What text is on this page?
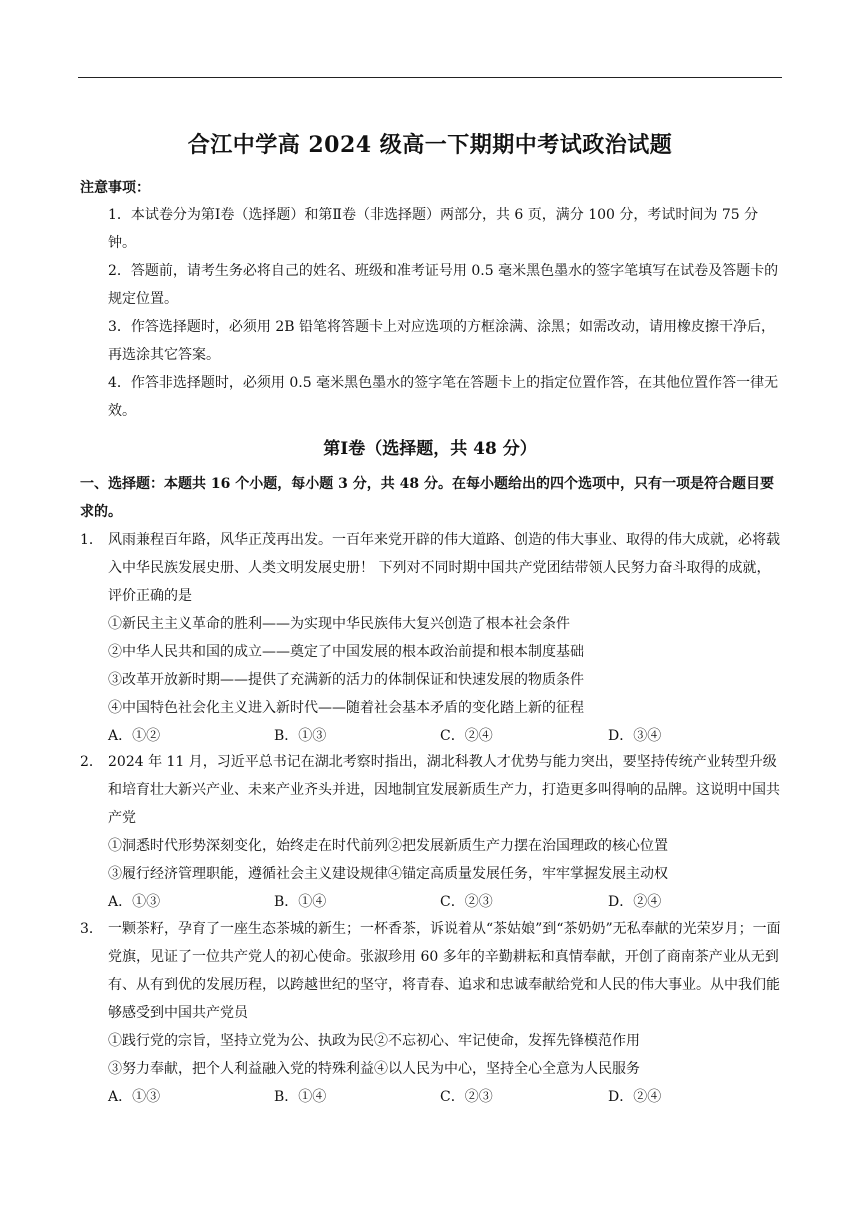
合江中学高 2024 级高一下期期中考试政治试题
注意事项：
1．本试卷分为第Ⅰ卷（选择题）和第Ⅱ卷（非选择题）两部分，共 6 页，满分 100 分，考试时间为 75 分钟。
2．答题前，请考生务必将自己的姓名、班级和准考证号用 0.5 毫米黑色墨水的签字笔填写在试卷及答题卡的规定位置。
3．作答选择题时，必须用 2B 铅笔将答题卡上对应选项的方框涂满、涂黑；如需改动，请用橡皮擦干净后，再选涂其它答案。
4．作答非选择题时，必须用 0.5 毫米黑色墨水的签字笔在答题卡上的指定位置作答，在其他位置作答一律无效。
第Ⅰ卷（选择题，共 48 分）
一、选择题：本题共 16 个小题，每小题 3 分，共 48 分。在每小题给出的四个选项中，只有一项是符合题目要求的。
1． 风雨兼程百年路，风华正茂再出发。一百年来党开辟的伟大道路、创造的伟大事业、取得的伟大成就，必将载入中华民族发展史册、人类文明发展史册！ 下列对不同时期中国共产党团结带领人民努力奋斗取得的成就，评价正确的是
①新民主主义革命的胜利——为实现中华民族伟大复兴创造了根本社会条件
②中华人民共和国的成立——奠定了中国发展的根本政治前提和根本制度基础
③改革开放新时期——提供了充满新的活力的体制保证和快速发展的物质条件
④中国特色社会化主义进入新时代——随着社会基本矛盾的变化踏上新的征程
A．①②	B．①③	C．②④	D．③④
2． 2024 年 11 月，习近平总书记在湖北考察时指出，湖北科教人才优势与能力突出，要坚持传统产业转型升级和培育壮大新兴产业、未来产业齐头并进，因地制宜发展新质生产力，打造更多叫得响的品牌。这说明中国共产党
①洞悉时代形势深刻变化，始终走在时代前列②把发展新质生产力摆在治国理政的核心位置
③履行经济管理职能，遵循社会主义建设规律④锚定高质量发展任务，牢牢掌握发展主动权
A．①③	B．①④	C．②③	D．②④
3． 一颗茶籽，孕育了一座生态茶城的新生；一杯香茶，诉说着从“茶姑娘”到“茶奶奶”无私奉献的光荣岁月；一面党旗，见证了一位共产党人的初心使命。张淑珍用 60 多年的辛勤耕耘和真情奉献，开创了商南茶产业从无到有、从有到优的发展历程，以跨越世纪的坚守，将青春、追求和忠诚奉献给党和人民的伟大事业。从中我们能够感受到中国共产党员
①践行党的宗旨，坚持立党为公、执政为民②不忘初心、牢记使命，发挥先锋模范作用
③努力奉献，把个人利益融入党的特殊利益④以人民为中心，坚持全心全意为人民服务
A．①③	B．①④	C．②③	D．②④
